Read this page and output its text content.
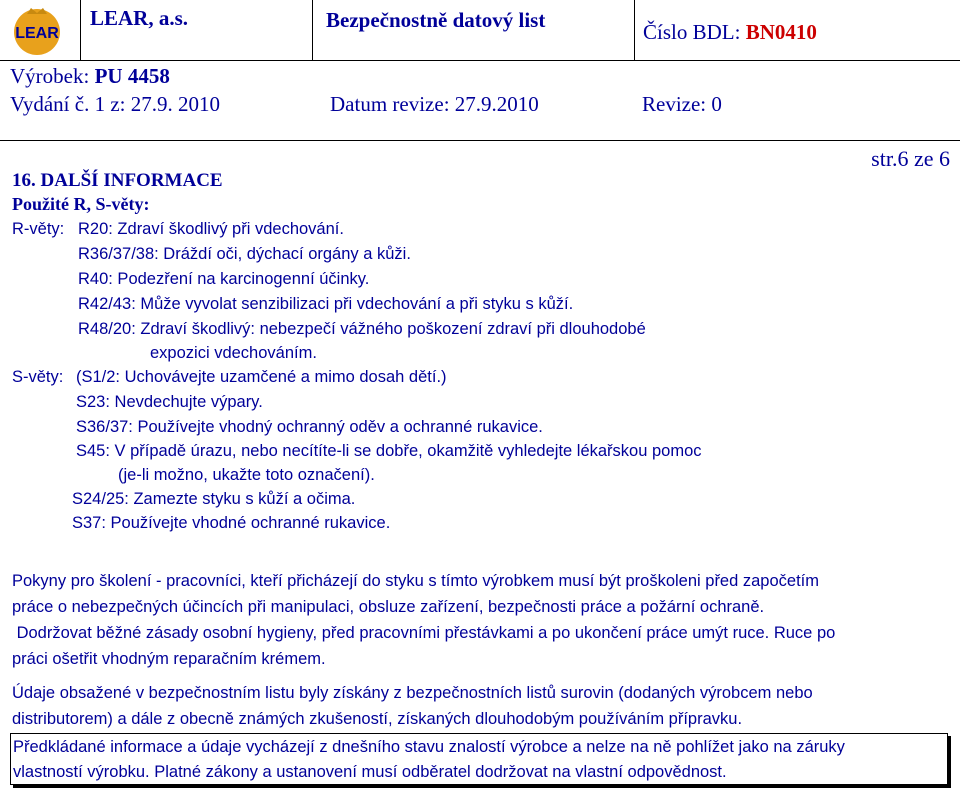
LEAR
LEAR, a.s.	Bezpečnostně datový list	Číslo BDL: BN0410
Výrobek: PU 4458
Vydání č. 1 z: 27.9. 2010	Datum revize: 27.9.2010	Revize: 0
str.6 ze 6
16. DALŠÍ INFORMACE
Použité R, S-věty:
R-věty: R20: Zdraví škodlivý při vdechování.
R36/37/38: Dráždí oči, dýchací orgány a kůži.
R40: Podezření na karcinogenní účinky.
R42/43: Může vyvolat senzibilizaci při vdechování a při styku s kůží.
R48/20: Zdraví škodlivý: nebezpečí vážného poškození zdraví při dlouhodobé
expozici vdechováním.
S-věty: (S1/2: Uchovávejte uzamčené a mimo dosah dětí.)
S23: Nevdechujte výpary.
S36/37: Používejte vhodný ochranný oděv a ochranné rukavice.
S45: V případě úrazu, nebo necítíte-li se dobře, okamžitě vyhledejte lékařskou pomoc
(je-li možno, ukažte toto označení).
S24/25: Zamezte styku s kůží a očima.
S37: Používejte vhodné ochranné rukavice.
Pokyny pro školení - pracovníci, kteří přicházejí do styku s tímto výrobkem musí být proškoleni před započetím
práce o nebezpečných účincích při manipulaci, obsluze zařízení, bezpečnosti práce a požární ochraně.
Dodržovat běžné zásady osobní hygieny, před pracovními přestávkami a po ukončení práce umýt ruce. Ruce po
práci ošetřit vhodným reparačním krémem.
Údaje obsažené v bezpečnostním listu byly získány z bezpečnostních listů surovin (dodaných výrobcem nebo
distributorem) a dále z obecně známých zkušeností, získaných dlouhodobým používáním přípravku.
Předkládané informace a údaje vycházejí z dnešního stavu znalostí výrobce a nelze na ně pohlížet jako na záruky
vlastností výrobku. Platné zákony a ustanovení musí odběratel dodržovat na vlastní odpovědnost.
